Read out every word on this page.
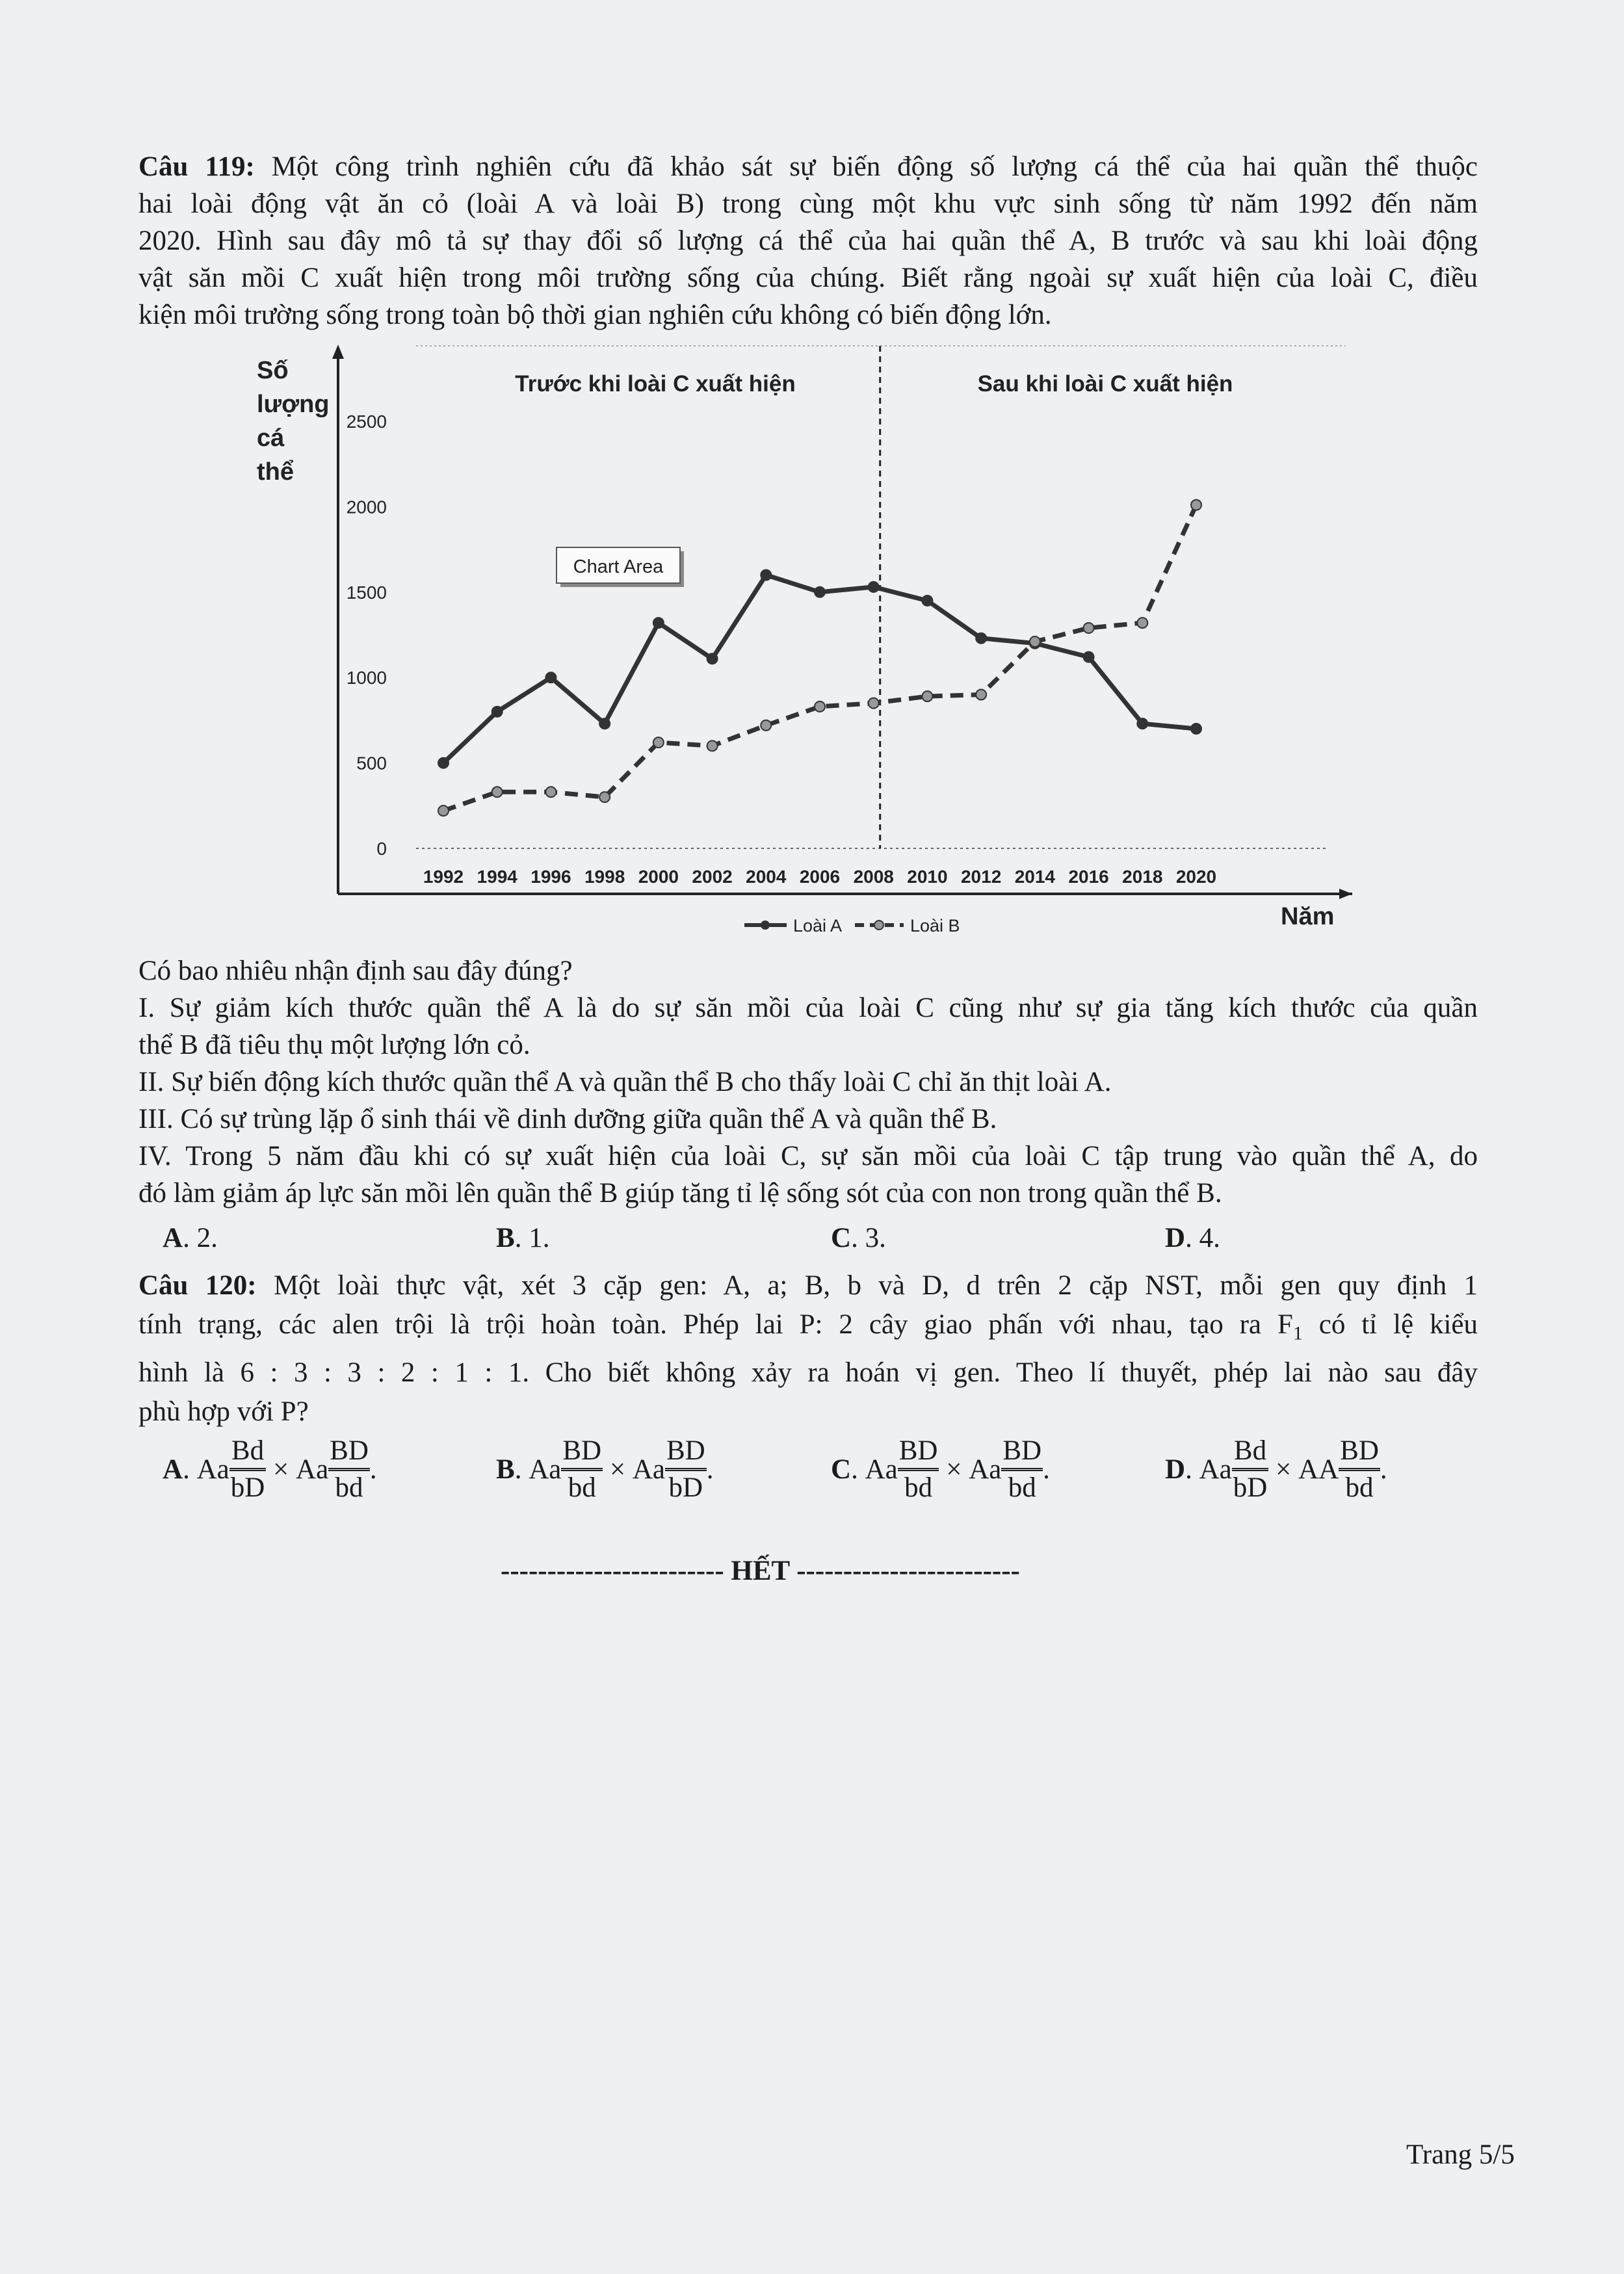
Câu 119: Một công trình nghiên cứu đã khảo sát sự biến động số lượng cá thể của hai quần thể thuộc
hai loài động vật ăn cỏ (loài A và loài B) trong cùng một khu vực sinh sống từ năm 1992 đến năm
2020. Hình sau đây mô tả sự thay đổi số lượng cá thể của hai quần thể A, B trước và sau khi loài động
vật săn mồi C xuất hiện trong môi trường sống của chúng. Biết rằng ngoài sự xuất hiện của loài C, điều
kiện môi trường sống trong toàn bộ thời gian nghiên cứu không có biến động lớn.
0
500
1000
1500
2000
2500
1992 1994 1996 1998 2000 2002 2004 2006 2008 2010 2012 2014 2016 2018 2020
Trước khi loài C xuất hiện	Sau khi loài C xuất hiện
Số
lượng
cá
thể
Năm
Chart Area
Loài A	Loài B
Có bao nhiêu nhận định sau đây đúng?
I. Sự giảm kích thước quần thể A là do sự săn mồi của loài C cũng như sự gia tăng kích thước của quần
thể B đã tiêu thụ một lượng lớn cỏ.
II. Sự biến động kích thước quần thể A và quần thể B cho thấy loài C chỉ ăn thịt loài A.
III. Có sự trùng lặp ổ sinh thái về dinh dưỡng giữa quần thể A và quần thể B.
IV. Trong 5 năm đầu khi có sự xuất hiện của loài C, sự săn mồi của loài C tập trung vào quần thể A, do
đó làm giảm áp lực săn mồi lên quần thể B giúp tăng tỉ lệ sống sót của con non trong quần thể B.
A. 2.	B. 1.	C. 3.	D. 4.
Câu 120: Một loài thực vật, xét 3 cặp gen: A, a; B, b và D, d trên 2 cặp NST, mỗi gen quy định 1
tính trạng, các alen trội là trội hoàn toàn. Phép lai P: 2 cây giao phấn với nhau, tạo ra $F_1$ có tỉ lệ kiểu
hình là 6 : 3 : 3 : 2 : 1 : 1. Cho biết không xảy ra hoán vị gen. Theo lí thuyết, phép lai nào sau đây
phù hợp với P?
A . Aa $\frac{Bd}{bD}$
×
Aa $\frac{BD}{bd}$ .	B . Aa $\frac{BD}{bd}$
×
Aa $\frac{BD}{bD}$ .	C . Aa $\frac{BD}{bd}$
×
Aa $\frac{BD}{bd}$ .	D . Aa $\frac{Bd}{bD}$
×
AA $\frac{BD}{bd}$ .
------------------------ HẾT ------------------------
Trang 5/5
